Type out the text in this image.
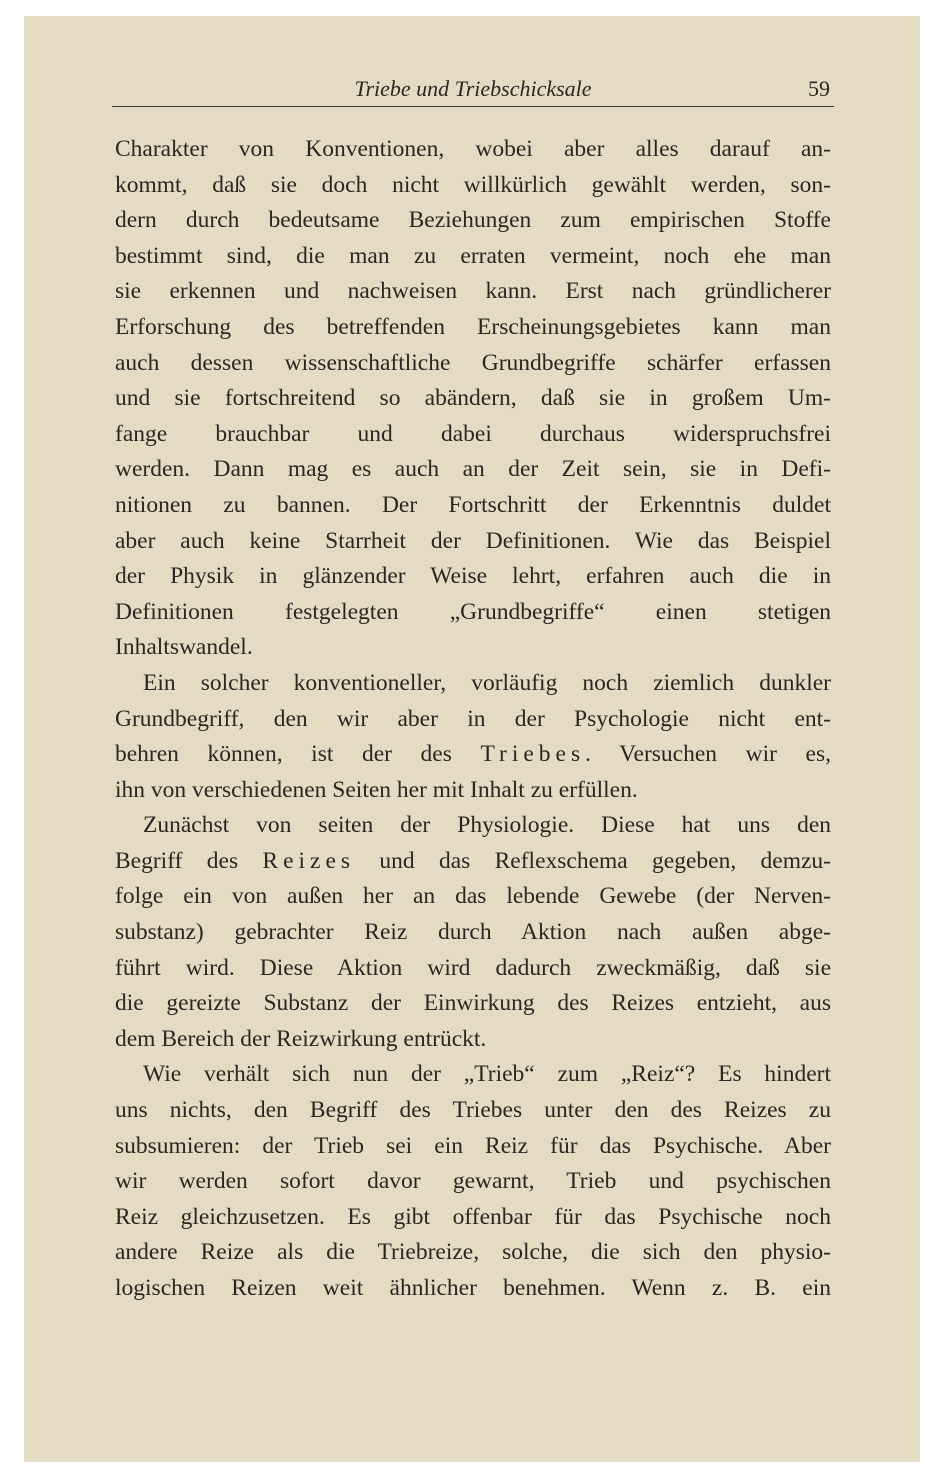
Triebe und Triebschicksale	59
Charakter von Konventionen, wobei aber alles darauf an-
kommt, daß sie doch nicht willkürlich gewählt werden, son-
dern durch bedeutsame Beziehungen zum empirischen Stoffe
bestimmt sind, die man zu erraten vermeint, noch ehe man
sie erkennen und nachweisen kann. Erst nach gründlicherer
Erforschung des betreffenden Erscheinungsgebietes kann man
auch dessen wissenschaftliche Grundbegriffe schärfer erfassen
und sie fortschreitend so abändern, daß sie in großem Um-
fange brauchbar und dabei durchaus widerspruchsfrei
werden. Dann mag es auch an der Zeit sein, sie in Defi-
nitionen zu bannen. Der Fortschritt der Erkenntnis duldet
aber auch keine Starrheit der Definitionen. Wie das Beispiel
der Physik in glänzender Weise lehrt, erfahren auch die in
Definitionen festgelegten „Grundbegriffe“ einen stetigen
Inhaltswandel.
Ein solcher konventioneller, vorläufig noch ziemlich dunkler
Grundbegriff, den wir aber in der Psychologie nicht ent-
behren können, ist der des Triebes. Versuchen wir es,
ihn von verschiedenen Seiten her mit Inhalt zu erfüllen.
Zunächst von seiten der Physiologie. Diese hat uns den
Begriff des Reizes und das Reflexschema gegeben, demzu-
folge ein von außen her an das lebende Gewebe (der Nerven-
substanz) gebrachter Reiz durch Aktion nach außen abge-
führt wird. Diese Aktion wird dadurch zweckmäßig, daß sie
die gereizte Substanz der Einwirkung des Reizes entzieht, aus
dem Bereich der Reizwirkung entrückt.
Wie verhält sich nun der „Trieb“ zum „Reiz“? Es hindert
uns nichts, den Begriff des Triebes unter den des Reizes zu
subsumieren: der Trieb sei ein Reiz für das Psychische. Aber
wir werden sofort davor gewarnt, Trieb und psychischen
Reiz gleichzusetzen. Es gibt offenbar für das Psychische noch
andere Reize als die Triebreize, solche, die sich den physio-
logischen Reizen weit ähnlicher benehmen. Wenn z. B. ein
